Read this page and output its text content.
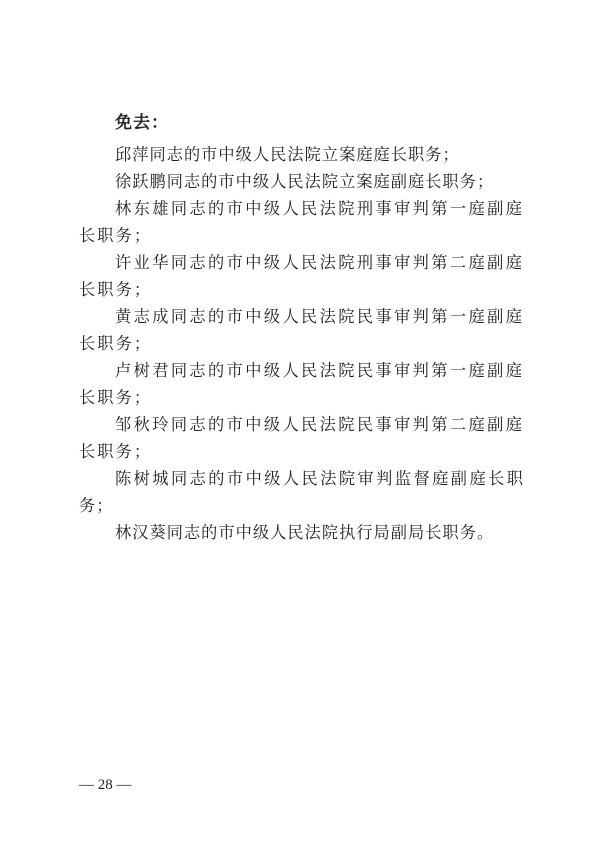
免去：

邱萍同志的市中级人民法院立案庭庭长职务；

徐跃鹏同志的市中级人民法院立案庭副庭长职务；

林东雄同志的市中级人民法院刑事审判第一庭副庭长职务；

许业华同志的市中级人民法院刑事审判第二庭副庭长职务；

黄志成同志的市中级人民法院民事审判第一庭副庭长职务；

卢树君同志的市中级人民法院民事审判第一庭副庭长职务；

邹秋玲同志的市中级人民法院民事审判第二庭副庭长职务；

陈树城同志的市中级人民法院审判监督庭副庭长职务；

林汉葵同志的市中级人民法院执行局副局长职务。

— 28 —
